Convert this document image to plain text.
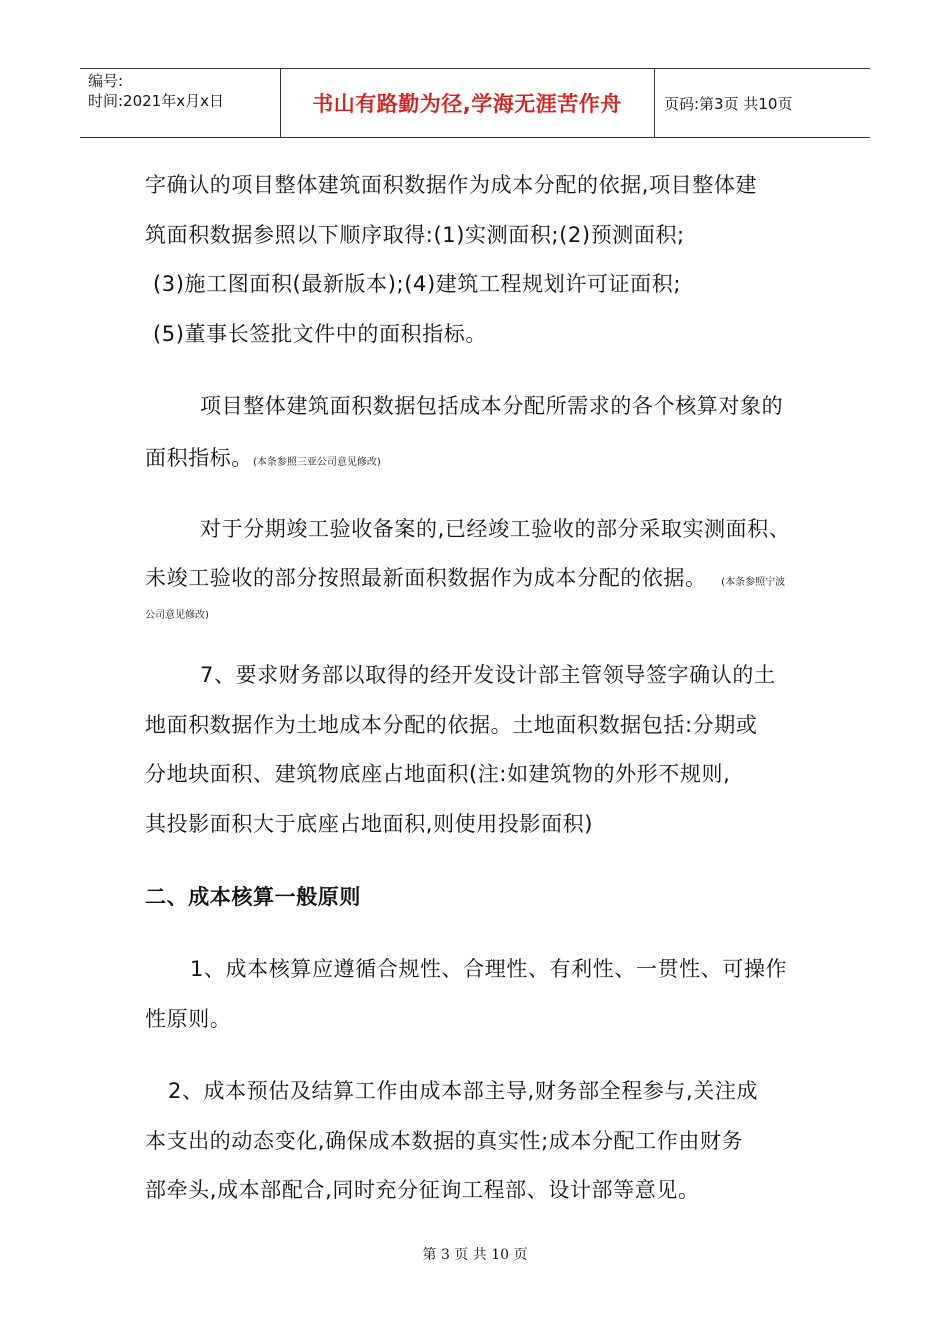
编号:
时间:2021年x月x日	书山有路勤为径,学海无涯苦作舟	页码:第3页 共10页

字确认的项目整体建筑面积数据作为成本分配的依据,项目整体建

筑面积数据参照以下顺序取得:(1)实测面积;(2)预测面积;

(3)施工图面积(最新版本);(4)建筑工程规划许可证面积;

(5)董事长签批文件中的面积指标。

项目整体建筑面积数据包括成本分配所需求的各个核算对象的

面积指标。(本条参照三亚公司意见修改)

对于分期竣工验收备案的,已经竣工验收的部分采取实测面积、

未竣工验收的部分按照最新面积数据作为成本分配的依据。 (本条参照宁波

公司意见修改)

7、要求财务部以取得的经开发设计部主管领导签字确认的土

地面积数据作为土地成本分配的依据。土地面积数据包括:分期或

分地块面积、建筑物底座占地面积(注:如建筑物的外形不规则,

其投影面积大于底座占地面积,则使用投影面积)

二、成本核算一般原则

1、成本核算应遵循合规性、合理性、有利性、一贯性、可操作

性原则。

2、成本预估及结算工作由成本部主导,财务部全程参与,关注成

本支出的动态变化,确保成本数据的真实性;成本分配工作由财务

部牵头,成本部配合,同时充分征询工程部、设计部等意见。

第 3 页 共 10 页
